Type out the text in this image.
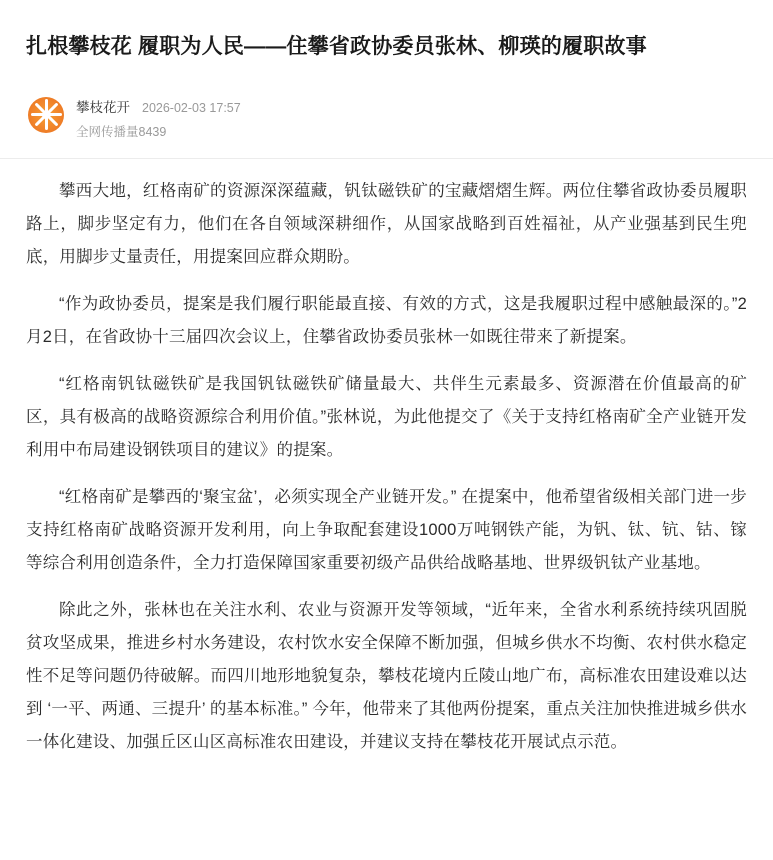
扎根攀枝花 履职为人民——住攀省政协委员张林、柳瑛的履职故事
攀枝花开 2026-02-03 17:57
全网传播量8439

攀西大地，红格南矿的资源深深蕴藏，钒钛磁铁矿的宝藏熠熠生辉。两位住攀省政协委员履职路上，脚步坚定有力，他们在各自领域深耕细作，从国家战略到百姓福祉，从产业强基到民生兜底，用脚步丈量责任，用提案回应群众期盼。

“作为政协委员，提案是我们履行职能最直接、有效的方式，这是我履职过程中感触最深的。”2月2日，在省政协十三届四次会议上，住攀省政协委员张林一如既往带来了新提案。

“红格南钒钛磁铁矿是我国钒钛磁铁矿储量最大、共伴生元素最多、资源潜在价值最高的矿区，具有极高的战略资源综合利用价值。”张林说，为此他提交了《关于支持红格南矿全产业链开发利用中布局建设钢铁项目的建议》的提案。

“红格南矿是攀西的‘聚宝盆’，必须实现全产业链开发。” 在提案中，他希望省级相关部门进一步支持红格南矿战略资源开发利用，向上争取配套建设1000万吨钢铁产能，为钒、钛、钪、钴、镓等综合利用创造条件，全力打造保障国家重要初级产品供给战略基地、世界级钒钛产业基地。

除此之外，张林也在关注水利、农业与资源开发等领域，“近年来，全省水利系统持续巩固脱贫攻坚成果，推进乡村水务建设，农村饮水安全保障不断加强，但城乡供水不均衡、农村供水稳定性不足等问题仍待破解。而四川地形地貌复杂，攀枝花境内丘陵山地广布，高标准农田建设难以达到 ‘一平、两通、三提升’ 的基本标准。” 今年，他带来了其他两份提案，重点关注加快推进城乡供水一体化建设、加强丘区山区高标准农田建设，并建议支持在攀枝花开展试点示范。
